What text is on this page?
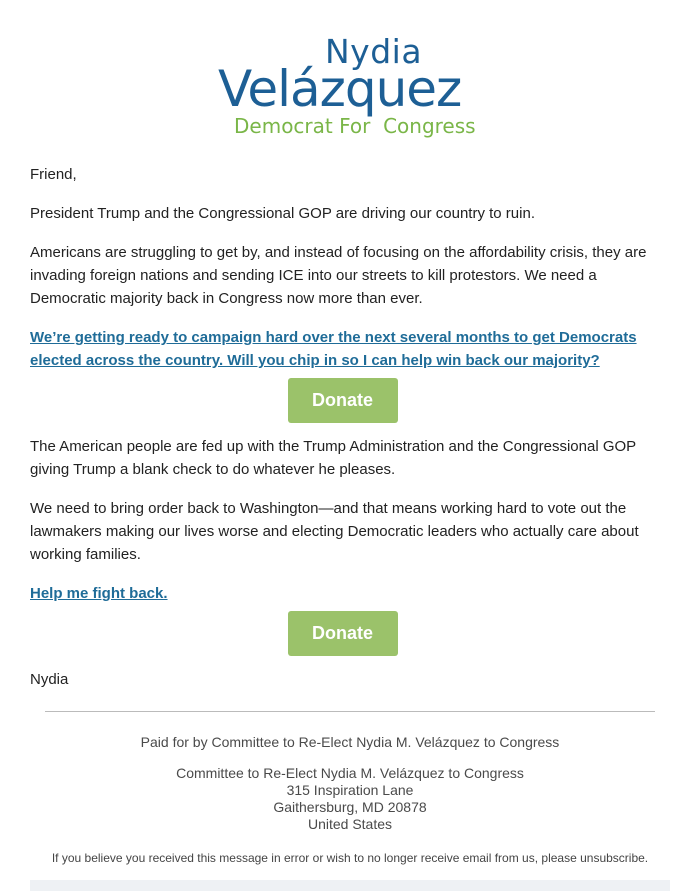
Nydia
Velázquez
Democrat For  Congress

Friend,

President Trump and the Congressional GOP are driving our country to ruin.

Americans are struggling to get by, and instead of focusing on the affordability crisis, they are invading foreign nations and sending ICE into our streets to kill protestors. We need a Democratic majority back in Congress now more than ever.

We’re getting ready to campaign hard over the next several months to get Democrats elected across the country. Will you chip in so I can help win back our majority?
Donate

The American people are fed up with the Trump Administration and the Congressional GOP giving Trump a blank check to do whatever he pleases.

We need to bring order back to Washington—and that means working hard to vote out the lawmakers making our lives worse and electing Democratic leaders who actually care about working families.

Help me fight back.
Donate

Nydia

Paid for by Committee to Re-Elect Nydia M. Velázquez to Congress
Committee to Re-Elect Nydia M. Velázquez to Congress
315 Inspiration Lane
Gaithersburg, MD 20878
United States
If you believe you received this message in error or wish to no longer receive email from us, please unsubscribe.
